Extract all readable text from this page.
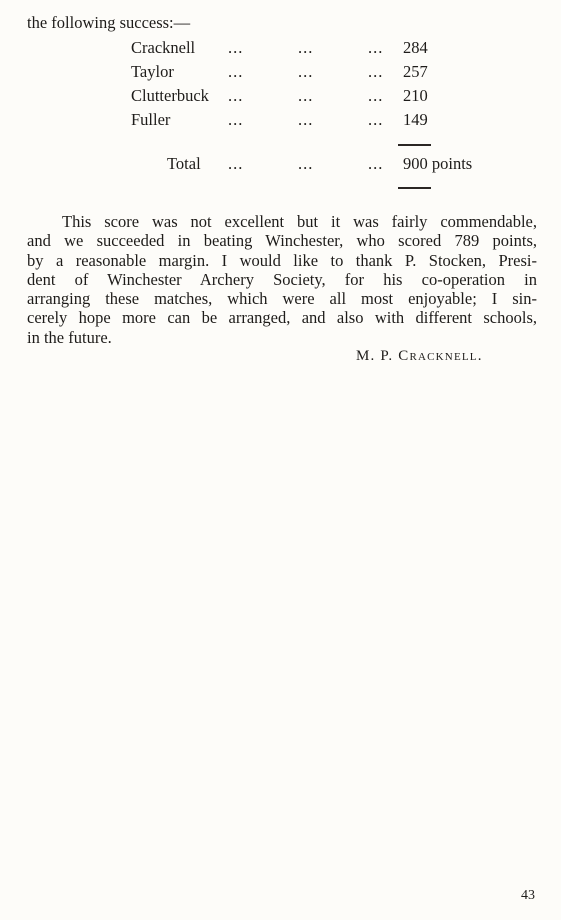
the following success:—
Cracknell ...	...	... 284
Taylor	...	...	... 257
Clutterbuck ...	...	... 210
Fuller	...	...	... 149
Total ...	...	... 900 points
This score was not excellent but it was fairly commendable,
and we succeeded in beating Winchester, who scored 789 points,
by a reasonable margin. I would like to thank P. Stocken, Presi-
dent of Winchester Archery Society, for his co-operation in
arranging these matches, which were all most enjoyable; I sin-
cerely hope more can be arranged, and also with different schools,
in the future.
M. P. Cracknell.
43
